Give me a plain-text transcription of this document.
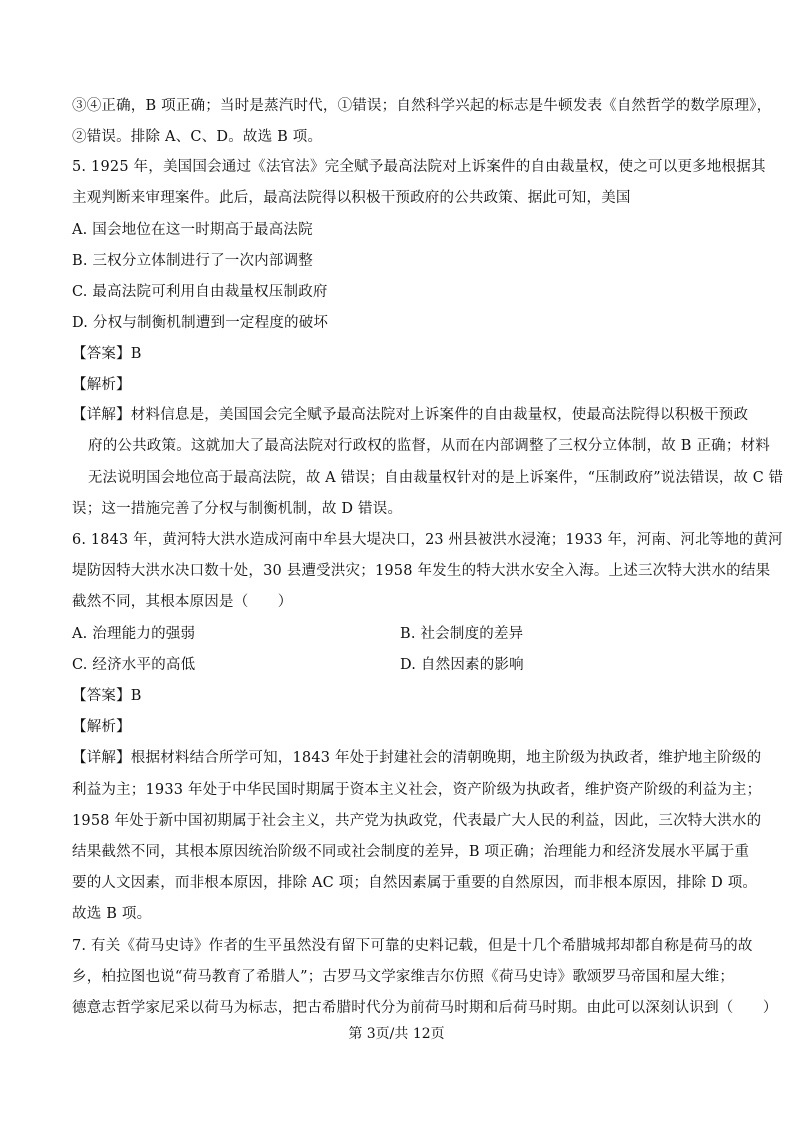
③④正确，B 项正确；当时是蒸汽时代，①错误；自然科学兴起的标志是牛顿发表《自然哲学的数学原理》，
②错误。排除 A、C、D。故选 B 项。
5. 1925 年，美国国会通过《法官法》完全赋予最高法院对上诉案件的自由裁量权，使之可以更多地根据其
主观判断来审理案件。此后，最高法院得以积极干预政府的公共政策、据此可知，美国
A. 国会地位在这一时期高于最高法院
B. 三权分立体制进行了一次内部调整
C. 最高法院可利用自由裁量权压制政府
D. 分权与制衡机制遭到一定程度的破坏
【答案】B
【解析】
【详解】材料信息是，美国国会完全赋予最高法院对上诉案件的自由裁量权，使最高法院得以积极干预政
府的公共政策。这就加大了最高法院对行政权的监督，从而在内部调整了三权分立体制，故 B 正确；材料
无法说明国会地位高于最高法院，故 A 错误；自由裁量权针对的是上诉案件，“压制政府”说法错误，故 C 错
误；这一措施完善了分权与制衡机制，故 D 错误。
6. 1843 年，黄河特大洪水造成河南中牟县大堤决口，23 州县被洪水浸淹；1933 年，河南、河北等地的黄河
堤防因特大洪水决口数十处，30 县遭受洪灾；1958 年发生的特大洪水安全入海。上述三次特大洪水的结果
截然不同，其根本原因是（　　）
A. 治理能力的强弱	B. 社会制度的差异
C. 经济水平的高低	D. 自然因素的影响
【答案】B
【解析】
【详解】根据材料结合所学可知，1843 年处于封建社会的清朝晚期，地主阶级为执政者，维护地主阶级的
利益为主；1933 年处于中华民国时期属于资本主义社会，资产阶级为执政者，维护资产阶级的利益为主；
1958 年处于新中国初期属于社会主义，共产党为执政党，代表最广大人民的利益，因此，三次特大洪水的
结果截然不同，其根本原因统治阶级不同或社会制度的差异，B 项正确；治理能力和经济发展水平属于重
要的人文因素，而非根本原因，排除 AC 项；自然因素属于重要的自然原因，而非根本原因，排除 D 项。
故选 B 项。
7. 有关《荷马史诗》作者的生平虽然没有留下可靠的史料记载，但是十几个希腊城邦却都自称是荷马的故
乡，柏拉图也说“荷马教育了希腊人”；古罗马文学家维吉尔仿照《荷马史诗》歌颂罗马帝国和屋大维；
德意志哲学家尼采以荷马为标志，把古希腊时代分为前荷马时期和后荷马时期。由此可以深刻认识到（　　）
第 3页/共 12页
